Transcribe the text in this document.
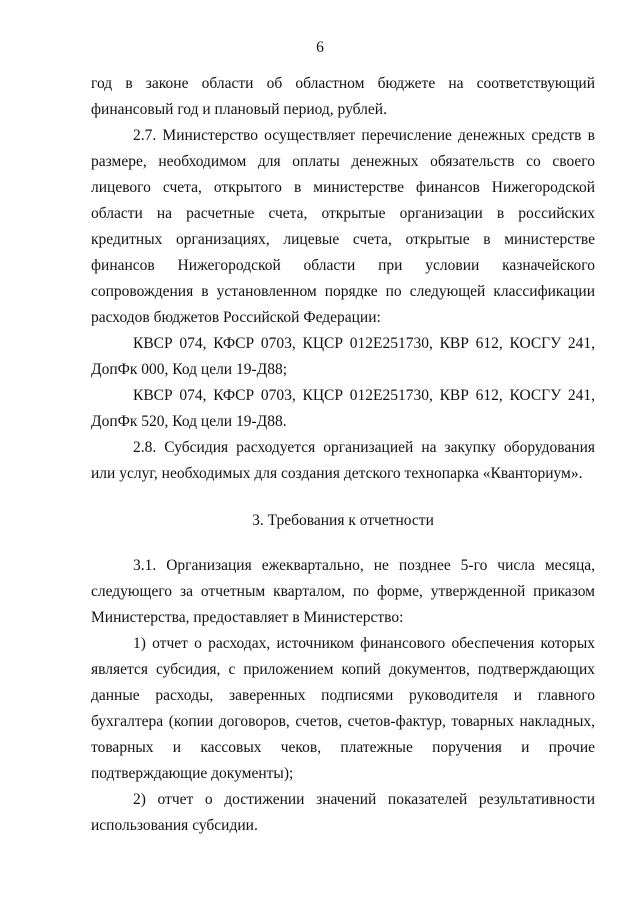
6

год в законе области об областном бюджете на соответствующий финансовый год и плановый период, рублей.

2.7. Министерство осуществляет перечисление денежных средств в размере, необходимом для оплаты денежных обязательств со своего лицевого счета, открытого в министерстве финансов Нижегородской области на расчетные счета, открытые организации в российских кредитных организациях, лицевые счета, открытые в министерстве финансов Нижегородской области при условии казначейского сопровождения в установленном порядке по следующей классификации расходов бюджетов Российской Федерации:

КВСР 074, КФСР 0703, КЦСР 012Е251730, КВР 612, КОСГУ 241, ДопФк 000, Код цели 19-Д88;

КВСР 074, КФСР 0703, КЦСР 012Е251730, КВР 612, КОСГУ 241, ДопФк 520, Код цели 19-Д88.

2.8. Субсидия расходуется организацией на закупку оборудования или услуг, необходимых для создания детского технопарка «Кванториум».

3. Требования к отчетности

3.1. Организация ежеквартально, не позднее 5-го числа месяца, следующего за отчетным кварталом, по форме, утвержденной приказом Министерства, предоставляет в Министерство:

1) отчет о расходах, источником финансового обеспечения которых является субсидия, с приложением копий документов, подтверждающих данные расходы, заверенных подписями руководителя и главного бухгалтера (копии договоров, счетов, счетов-фактур, товарных накладных, товарных и кассовых чеков, платежные поручения и прочие подтверждающие документы);

2) отчет о достижении значений показателей результативности использования субсидии.
